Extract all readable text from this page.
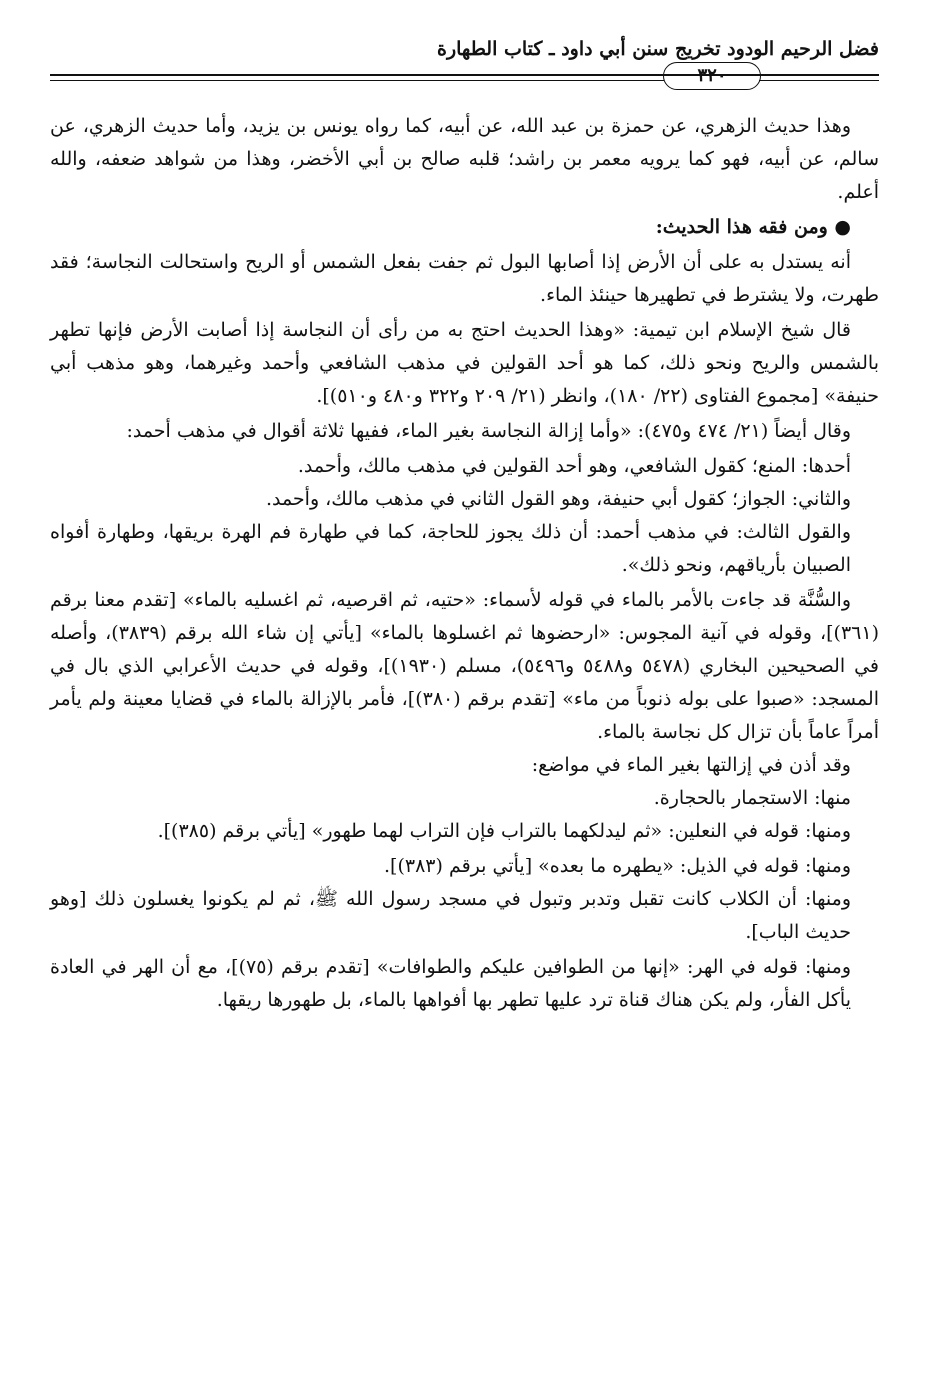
فضل الرحيم الودود تخريج سنن أبي داود ـ كتاب الطهارة
٣٢٠

وهذا حديث الزهري، عن حمزة بن عبد الله، عن أبيه، كما رواه يونس بن يزيد، وأما حديث الزهري، عن سالم، عن أبيه، فهو كما يرويه معمر بن راشد؛ قلبه صالح بن أبي الأخضر، وهذا من شواهد ضعفه، والله أعلم.

● ومن فقه هذا الحديث:

أنه يستدل به على أن الأرض إذا أصابها البول ثم جفت بفعل الشمس أو الريح واستحالت النجاسة؛ فقد طهرت، ولا يشترط في تطهيرها حينئذ الماء.

قال شيخ الإسلام ابن تيمية: «وهذا الحديث احتج به من رأى أن النجاسة إذا أصابت الأرض فإنها تطهر بالشمس والريح ونحو ذلك، كما هو أحد القولين في مذهب الشافعي وأحمد وغيرهما، وهو مذهب أبي حنيفة» [مجموع الفتاوى (٢٢/ ١٨٠)، وانظر (٢١/ ٢٠٩ و٣٢٢ و٤٨٠ و٥١٠)].

وقال أيضاً (٢١/ ٤٧٤ و٤٧٥): «وأما إزالة النجاسة بغير الماء، ففيها ثلاثة أقوال في مذهب أحمد:

أحدها: المنع؛ كقول الشافعي، وهو أحد القولين في مذهب مالك، وأحمد.

والثاني: الجواز؛ كقول أبي حنيفة، وهو القول الثاني في مذهب مالك، وأحمد.

والقول الثالث: في مذهب أحمد: أن ذلك يجوز للحاجة، كما في طهارة فم الهرة بريقها، وطهارة أفواه الصبيان بأرياقهم، ونحو ذلك».

والسُّنَّة قد جاءت بالأمر بالماء في قوله لأسماء: «حتيه، ثم اقرصيه، ثم اغسليه بالماء» [تقدم معنا برقم (٣٦١)]، وقوله في آنية المجوس: «ارحضوها ثم اغسلوها بالماء» [يأتي إن شاء الله برقم (٣٨٣٩)، وأصله في الصحيحين البخاري (٥٤٧٨ و٥٤٨٨ و٥٤٩٦)، مسلم (١٩٣٠)]، وقوله في حديث الأعرابي الذي بال في المسجد: «صبوا على بوله ذنوباً من ماء» [تقدم برقم (٣٨٠)]، فأمر بالإزالة بالماء في قضايا معينة ولم يأمر أمراً عاماً بأن تزال كل نجاسة بالماء.

وقد أذن في إزالتها بغير الماء في مواضع:

منها: الاستجمار بالحجارة.

ومنها: قوله في النعلين: «ثم ليدلكهما بالتراب فإن التراب لهما طهور» [يأتي برقم (٣٨٥)].

ومنها: قوله في الذيل: «يطهره ما بعده» [يأتي برقم (٣٨٣)].

ومنها: أن الكلاب كانت تقبل وتدبر وتبول في مسجد رسول الله ﷺ، ثم لم يكونوا يغسلون ذلك [وهو حديث الباب].

ومنها: قوله في الهر: «إنها من الطوافين عليكم والطوافات» [تقدم برقم (٧٥)]، مع أن الهر في العادة يأكل الفأر، ولم يكن هناك قناة ترد عليها تطهر بها أفواهها بالماء، بل طهورها ريقها.
